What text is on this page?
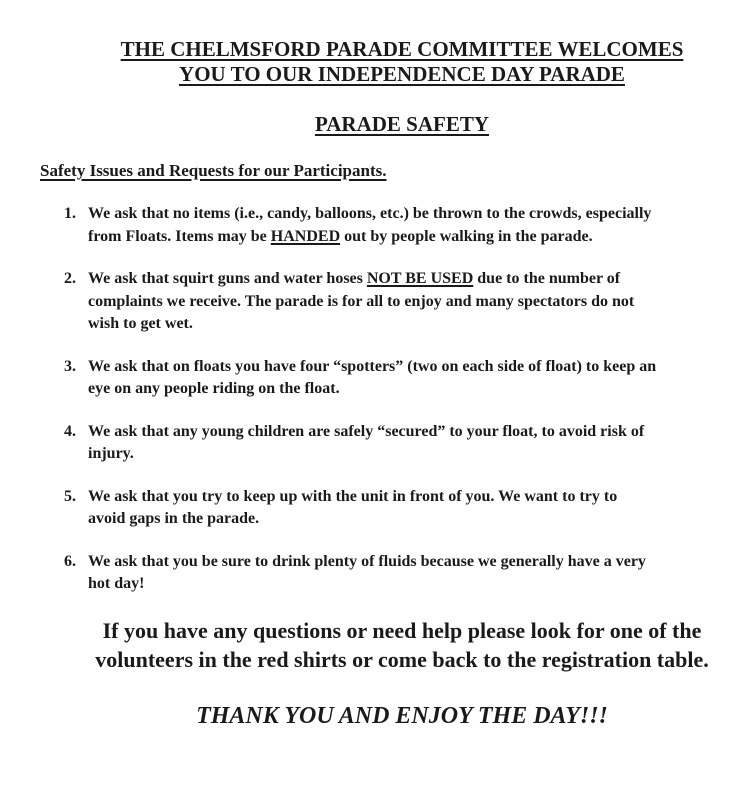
THE CHELMSFORD PARADE COMMITTEE WELCOMES
YOU TO OUR INDEPENDENCE DAY PARADE
PARADE SAFETY
Safety Issues and Requests for our Participants.
1. We ask that no items (i.e., candy, balloons, etc.) be thrown to the crowds, especially
from Floats. Items may be HANDED out by people walking in the parade.
2. We ask that squirt guns and water hoses NOT BE USED due to the number of
complaints we receive. The parade is for all to enjoy and many spectators do not
wish to get wet.
3. We ask that on floats you have four “spotters” (two on each side of float) to keep an
eye on any people riding on the float.
4. We ask that any young children are safely “secured” to your float, to avoid risk of
injury.
5. We ask that you try to keep up with the unit in front of you. We want to try to
avoid gaps in the parade.
6. We ask that you be sure to drink plenty of fluids because we generally have a very
hot day!

If you have any questions or need help please look for one of the
volunteers in the red shirts or come back to the registration table.

THANK YOU AND ENJOY THE DAY!!!
